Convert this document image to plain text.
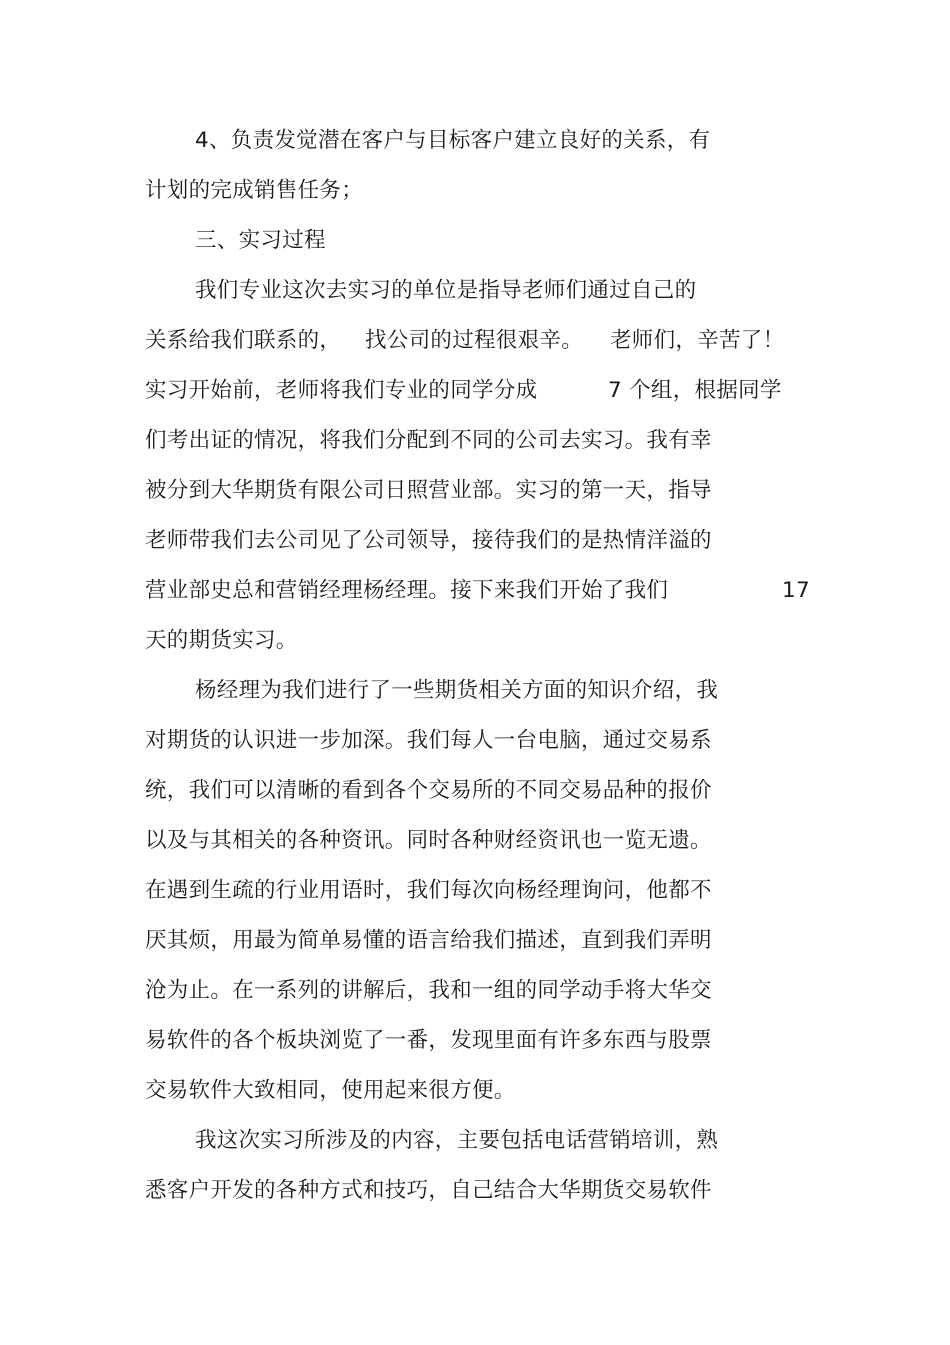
4、负责发觉潜在客户与目标客户建立良好的关系，有
计划的完成销售任务；
三、实习过程
我们专业这次去实习的单位是指导老师们通过自己的
关系给我们联系的， 找公司的过程很艰辛。 老师们，辛苦了！
实习开始前，老师将我们专业的同学分成	7 个组，根据同学
们考出证的情况，将我们分配到不同的公司去实习。我有幸
被分到大华期货有限公司日照营业部。实习的第一天，指导
老师带我们去公司见了公司领导，接待我们的是热情洋溢的
营业部史总和营销经理杨经理。接下来我们开始了我们	17
天的期货实习。
杨经理为我们进行了一些期货相关方面的知识介绍，我
对期货的认识进一步加深。我们每人一台电脑，通过交易系
统，我们可以清晰的看到各个交易所的不同交易品种的报价
以及与其相关的各种资讯。同时各种财经资讯也一览无遗。
在遇到生疏的行业用语时，我们每次向杨经理询问，他都不
厌其烦，用最为简单易懂的语言给我们描述，直到我们弄明
沧为止。在一系列的讲解后，我和一组的同学动手将大华交
易软件的各个板块浏览了一番，发现里面有许多东西与股票
交易软件大致相同，使用起来很方便。
我这次实习所涉及的内容，主要包括电话营销培训，熟
悉客户开发的各种方式和技巧，自己结合大华期货交易软件
